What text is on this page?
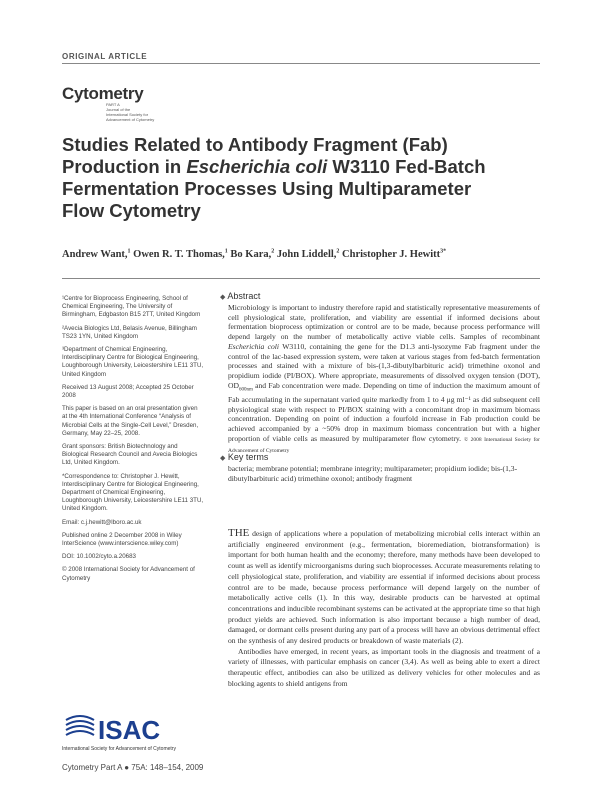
ORIGINAL ARTICLE
Cytometry
PART A
Journal of the
International Society for
Advancement of Cytometry
Studies Related to Antibody Fragment (Fab)
Production in Escherichia coli W3110 Fed-Batch
Fermentation Processes Using Multiparameter
Flow Cytometry
Andrew Want,$^1$ Owen R. T. Thomas,$^1$ Bo Kara,$^2$ John Liddell,$^2$ Christopher J. Hewitt$^{3*}$

¹Centre for Bioprocess Engineering, School of Chemical Engineering, The University of Birmingham, Edgbaston B15 2TT, United Kingdom

²Avecia Biologics Ltd, Belasis Avenue, Billingham TS23 1YN, United Kingdom

³Department of Chemical Engineering, Interdisciplinary Centre for Biological Engineering, Loughborough University, Leicestershire LE11 3TU, United Kingdom

Received 13 August 2008; Accepted 25 October 2008

This paper is based on an oral presentation given at the 4th International Conference “Analysis of Microbial Cells at the Single-Cell Level,” Dresden, Germany, May 22–25, 2008.

Grant sponsors: British Biotechnology and Biological Research Council and Avecia Biologics Ltd, United Kingdom.

*Correspondence to: Christopher J. Hewitt, Interdisciplinary Centre for Biological Engineering, Department of Chemical Engineering, Loughborough University, Leicestershire LE11 3TU, United Kingdom.

Email: c.j.hewitt@lboro.ac.uk

Published online 2 December 2008 in Wiley InterScience (www.interscience.wiley.com)

DOI: 10.1002/cyto.a.20683

© 2008 International Society for Advancement of Cytometry

◆ Abstract
Microbiology is important to industry therefore rapid and statistically representative measurements of cell physiological state, proliferation, and viability are essential if informed decisions about fermentation bioprocess optimization or control are to be made, because process performance will depend largely on the number of metabolically active viable cells. Samples of recombinant Escherichia coli W3110, containing the gene for the D1.3 anti-lysozyme Fab fragment under the control of the lac-based expression system, were taken at various stages from fed-batch fermentation processes and stained with a mixture of bis-(1,3-dibutylbarbituric acid) trimethine oxonol and propidium iodide (PI/BOX). Where appropriate, measurements of dissolved oxygen tension (DOT), $OD_{600nm}$ and Fab concentration were made. Depending on time of induction the maximum amount of Fab accumulating in the supernatant varied quite markedly from 1 to 4 μg ml⁻¹ as did subsequent cell physiological state with respect to PI/BOX staining with a concomitant drop in maximum biomass concentration. Depending on point of induction a fourfold increase in Fab production could be achieved accompanied by a ~50% drop in maximum biomass concentration but with a higher proportion of viable cells as measured by multiparameter flow cytometry. © 2008 International Society for Advancement of Cytometry
◆ Key terms
bacteria; membrane potential; membrane integrity; multiparameter; propidium iodide; bis-(1,3-dibutylbarbituric acid) trimethine oxonol; antibody fragment

THE design of applications where a population of metabolizing microbial cells interact within an artificially engineered environment (e.g., fermentation, bioremediation, biotransformation) is important for both human health and the economy; therefore, many methods have been developed to count as well as identify microorganisms during such bioprocesses. Accurate measurements relating to cell physiological state, proliferation, and viability are essential if informed decisions about process control are to be made, because process performance will depend largely on the number of metabolically active cells (1). In this way, desirable products can be harvested at optimal concentrations and inducible recombinant systems can be activated at the appropriate time so that high product yields are achieved. Such information is also important because a high number of dead, damaged, or dormant cells present during any part of a process will have an obvious detrimental effect on the synthesis of any desired products or breakdown of waste materials (2).

Antibodies have emerged, in recent years, as important tools in the diagnosis and treatment of a variety of illnesses, with particular emphasis on cancer (3,4). As well as being able to exert a direct therapeutic effect, antibodies can also be utilized as delivery vehicles for other molecules and as blocking agents to shield antigens from

ISAC
International Society for Advancement of Cytometry
Cytometry Part A ● 75A: 148–154, 2009
